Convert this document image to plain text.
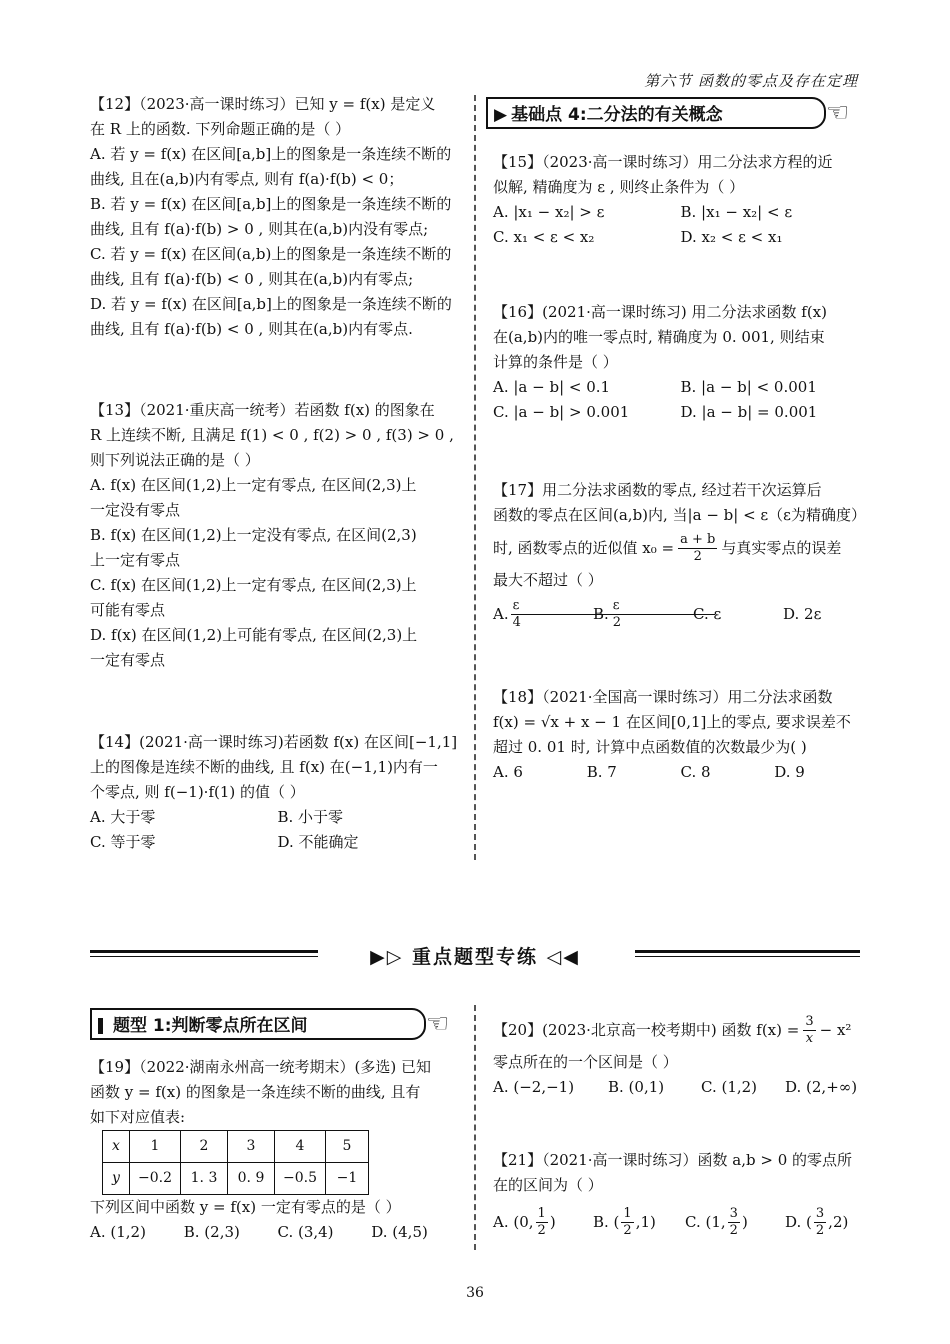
第六节 函数的零点及存在定理

【12】（2023·高一课时练习）已知 y = f(x) 是定义

在 R 上的函数. 下列命题正确的是（ ）

A. 若 y = f(x) 在区间[a,b]上的图象是一条连续不断的

曲线, 且在(a,b)内有零点, 则有 f(a)·f(b) < 0；

B. 若 y = f(x) 在区间[a,b]上的图象是一条连续不断的

曲线, 且有 f(a)·f(b) > 0 , 则其在(a,b)内没有零点;

C. 若 y = f(x) 在区间(a,b)上的图象是一条连续不断的

曲线, 且有 f(a)·f(b) < 0 , 则其在(a,b)内有零点;

D. 若 y = f(x) 在区间[a,b]上的图象是一条连续不断的

曲线, 且有 f(a)·f(b) < 0 , 则其在(a,b)内有零点.

【13】（2021·重庆高一统考）若函数 f(x) 的图象在

R 上连续不断, 且满足 f(1) < 0 , f(2) > 0 , f(3) > 0 ,

则下列说法正确的是（ ）

A. f(x) 在区间(1,2)上一定有零点, 在区间(2,3)上

一定没有零点

B. f(x) 在区间(1,2)上一定没有零点, 在区间(2,3)

上一定有零点

C. f(x) 在区间(1,2)上一定有零点, 在区间(2,3)上

可能有零点

D. f(x) 在区间(1,2)上可能有零点, 在区间(2,3)上

一定有零点

【14】(2021·高一课时练习)若函数 f(x) 在区间[−1,1]

上的图像是连续不断的曲线, 且 f(x) 在(−1,1)内有一

个零点, 则 f(−1)·f(1) 的值（ ）

A. 大于零	B. 小于零
C. 等于零	D. 不能确定
▶ 基础点 4:二分法的有关概念	☜

【15】（2023·高一课时练习）用二分法求方程的近

似解, 精确度为 ε , 则终止条件为（ ）

A. |x₁ − x₂| > ε	B. |x₁ − x₂| < ε
C. x₁ < ε < x₂	D. x₂ < ε < x₁

【16】(2021·高一课时练习) 用二分法求函数 f(x)

在(a,b)内的唯一零点时, 精确度为 0. 001, 则结束

计算的条件是（ ）

A. |a − b| < 0.1	B. |a − b| < 0.001
C. |a − b| > 0.001	D. |a − b| = 0.001

【17】用二分法求函数的零点, 经过若干次运算后

函数的零点在区间(a,b)内, 当|a − b| < ε（ε为精确度）

时, 函数零点的近似值 $x_0 = \frac{a + b}{2}$ 与真实零点的误差

最大不超过（ ）

A. $\frac{\varepsilon}{4}$
B. $\frac{\varepsilon}{2}$
C. ε	D. 2ε

【18】（2021·全国高一课时练习）用二分法求函数

f(x) = √x + x − 1 在区间[0,1]上的零点, 要求误差不

超过 0. 01 时, 计算中点函数值的次数最少为( )

A. 6	B. 7	C. 8	D. 9
▶▷ 重点题型专练 ◁◀
题型 1:判断零点所在区间	☜

【19】（2022·湖南永州高一统考期末）(多选) 已知

函数 y = f(x) 的图象是一条连续不断的曲线, 且有

如下对应值表:

x	1	2	3	4	5
y	−0.2	1. 3	0. 9	−0.5	−1

下列区间中函数 y = f(x) 一定有零点的是（ ）

A. (1,2)	B. (2,3)	C. (3,4)	D. (4,5)

【20】(2023·北京高一校考期中) 函数 $f(x) = \frac{3}{x} - x^2$

零点所在的一个区间是（ ）

A. (−2,−1)	B. (0,1)	C. (1,2)	D. (2,+∞)

【21】（2021·高一课时练习）函数 a,b > 0 的零点所

在的区间为（ ）

A. (0, $\frac{1}{2}$ ) B. ( $\frac{1}{2} ,1$) C. (1, $\frac{3}{2}$ ) D. ( $\frac{3}{2} ,2$)
36
